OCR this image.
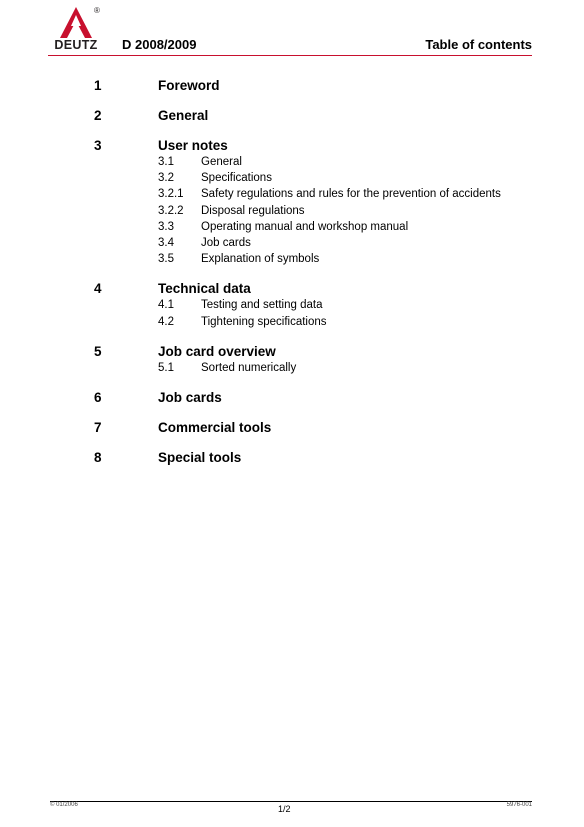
®
DEUTZ	D 2008/2009	Table of contents
1	Foreword
2	General
3	User notes
3.1 General
3.2 Specifications
3.2.1 Safety regulations and rules for the prevention of accidents
3.2.2 Disposal regulations
3.3 Operating manual and workshop manual
3.4 Job cards
3.5 Explanation of symbols
4	Technical data
4.1 Testing and setting data
4.2 Tightening specifications
5	Job card overview
5.1 Sorted numerically
6	Job cards
7	Commercial tools
8	Special tools
© 01/2006	1/2	5976-001
